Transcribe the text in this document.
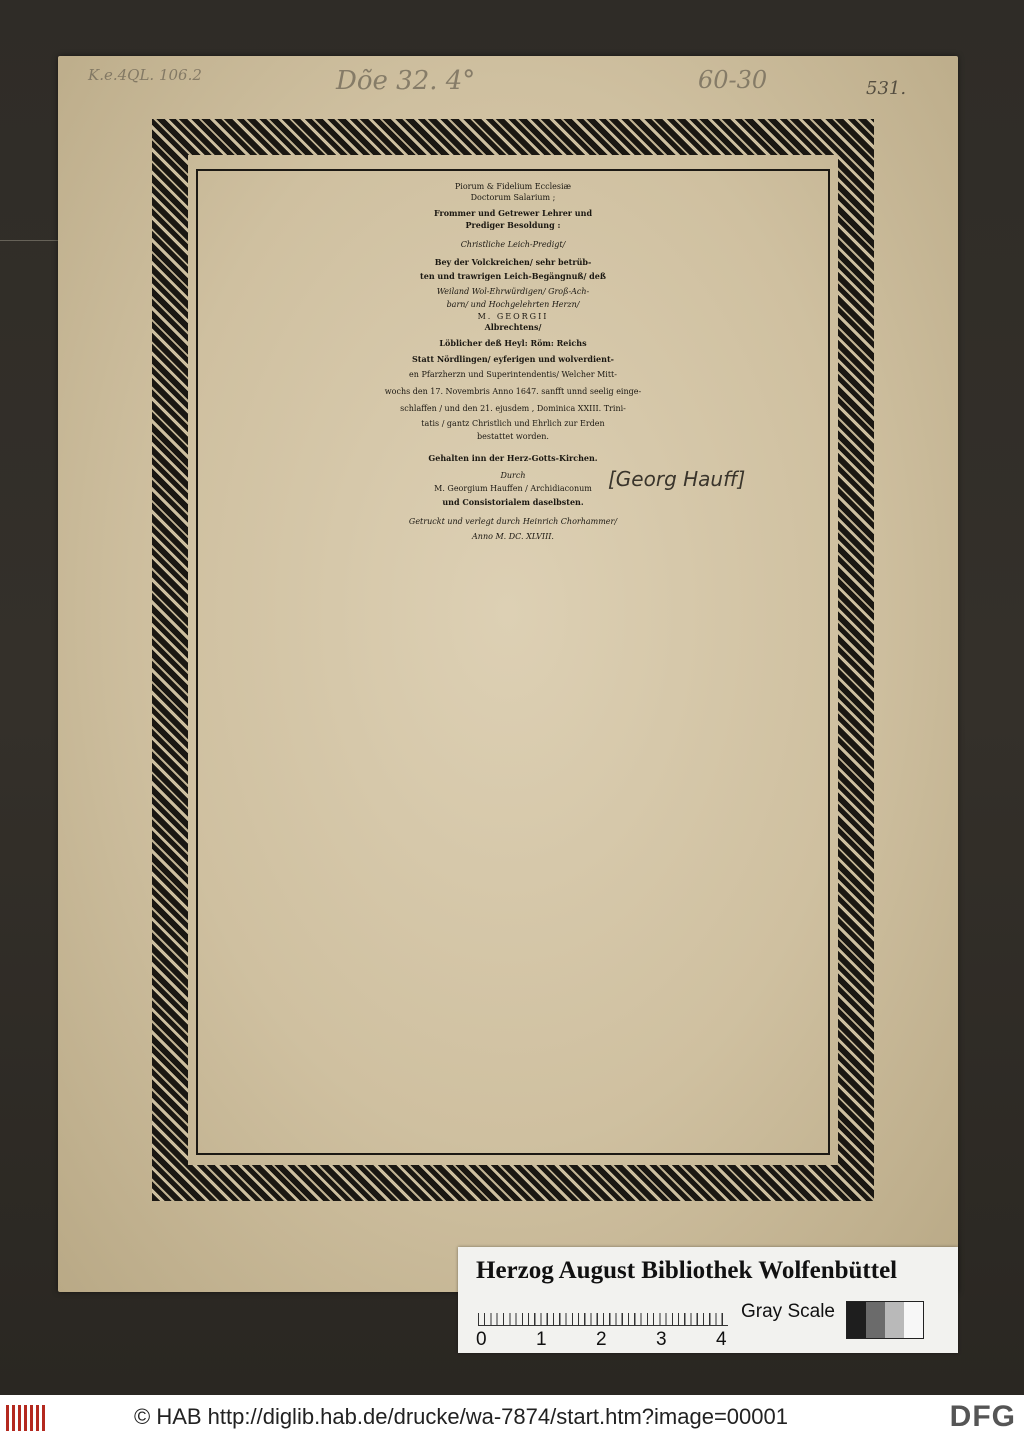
K.e.4QL. 106.2	Dõe 32. 4°	60-30	531.

Piorum & Fidelium Ecclesiæ

Doctorum Salarium ;

Frommer und Getrewer Lehrer und

Prediger Besoldung :

Christliche Leich-Predigt/

Bey der Volckreichen/ sehr betrüb-

ten und trawrigen Leich-Begängnuß/ deß

Weiland Wol-Ehrwürdigen/ Groß-Ach-

barn/ und Hochgelehrten Herzn/

M. GEORGII

Albrechtens/

Löblicher deß Heyl: Röm: Reichs

Statt Nördlingen/ eyferigen und wolverdient-

en Pfarzherzn und Superintendentis/ Welcher Mitt-

wochs den 17. Novembris Anno 1647. sanfft unnd seelig einge-

schlaffen / und den 21. ejusdem , Dominica XXIII. Trini-

tatis / gantz Christlich und Ehrlich zur Erden

bestattet worden.

Gehalten inn der Herz-Gotts-Kirchen.

Durch	[Georg Hauff]

M. Georgium Hauffen / Archidiaconum

und Consistorialem daselbsten.

Getruckt und verlegt durch Heinrich Chorhammer/

Anno M. DC. XLVIII.

Herzog August Bibliothek Wolfenbüttel
0	1	2	3	4
Gray Scale
© HAB http://diglib.hab.de/drucke/wa-7874/start.htm?image=00001	DFG
